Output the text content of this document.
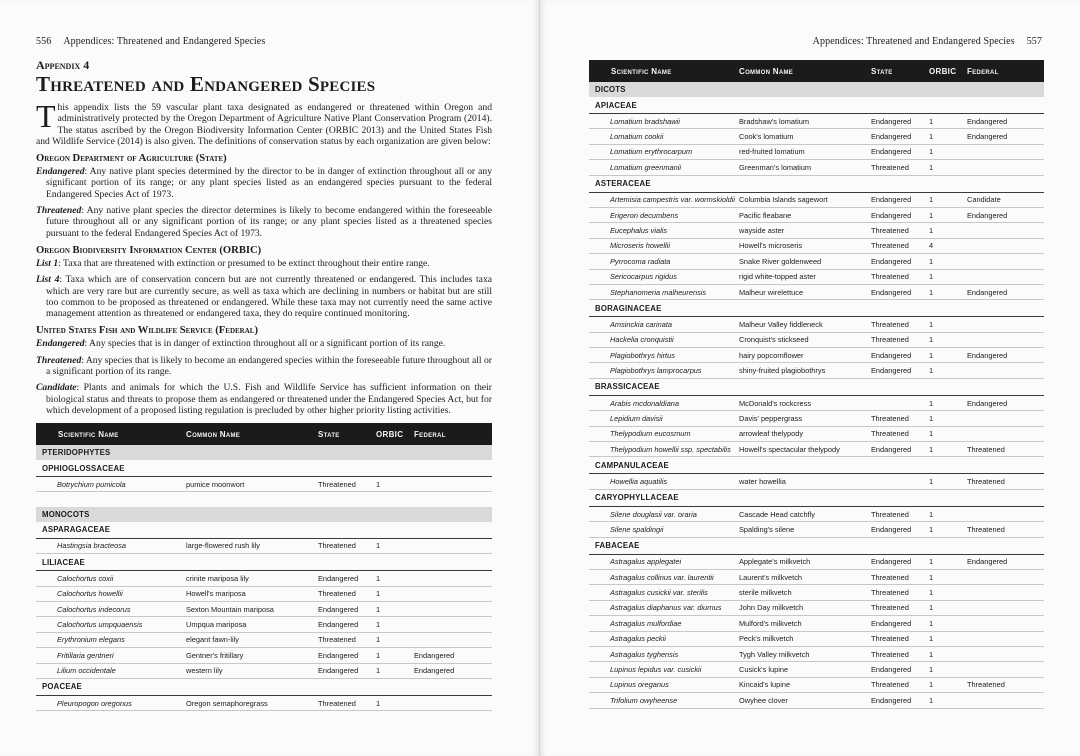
556 Appendices: Threatened and Endangered Species
Appendix 4
Threatened and Endangered Species

This appendix lists the 59 vascular plant taxa designated as endangered or threatened within Oregon and administratively protected by the Oregon Department of Agriculture Native Plant Conservation Program (2014). The status ascribed by the Oregon Biodiversity Information Center (ORBIC 2013) and the United States Fish and Wildlife Service (2014) is also given. The definitions of conservation status by each organization are given below:

Oregon Department of Agriculture (State)

Endangered: Any native plant species determined by the director to be in danger of extinction throughout all or any significant portion of its range; or any plant species listed as an endangered species pursuant to the federal Endangered Species Act of 1973.

Threatened: Any native plant species the director determines is likely to become endangered within the foreseeable future throughout all or any significant portion of its range; or any plant species listed as a threatened species pursuant to the federal Endangered Species Act of 1973.

Oregon Biodiversity Information Center (ORBIC)

List 1: Taxa that are threatened with extinction or presumed to be extinct throughout their entire range.

List 4: Taxa which are of conservation concern but are not currently threatened or endangered. This includes taxa which are very rare but are currently secure, as well as taxa which are declining in numbers or habitat but are still too common to be proposed as threatened or endangered. While these taxa may not currently need the same active management attention as threatened or endangered taxa, they do require continued monitoring.

United States Fish and Wildlife Service (Federal)

Endangered: Any species that is in danger of extinction throughout all or a significant portion of its range.

Threatened: Any species that is likely to become an endangered species within the foreseeable future throughout all or a significant portion of its range.

Candidate: Plants and animals for which the U.S. Fish and Wildlife Service has sufficient information on their biological status and threats to propose them as endangered or threatened under the Endangered Species Act, but for which development of a proposed listing regulation is precluded by other higher priority listing activities.

Scientific Name	Common Name	State	ORBIC	Federal
PTERIDOPHYTES				
OPHIOGLOSSACEAE				
Botrychium pumicola	pumice moonwort	Threatened	1	

MONOCOTS				
ASPARAGACEAE				
Hastingsia bracteosa	large-flowered rush lily	Threatened	1	
LILIACEAE				
Calochortus coxii	crinite mariposa lily	Endangered	1	
Calochortus howellii	Howell's mariposa	Threatened	1	
Calochortus indecorus	Sexton Mountain mariposa	Endangered	1	
Calochortus umpquaensis	Umpqua mariposa	Endangered	1	
Erythronium elegans	elegant fawn-lily	Threatened	1	
Fritillaria gentneri	Gentner's fritillary	Endangered	1	Endangered
Lilium occidentale	western lily	Endangered	1	Endangered
POACEAE				
Pleuropogon oregonus	Oregon semaphoregrass	Threatened	1	
Appendices: Threatened and Endangered Species 557
Scientific Name	Common Name	State	ORBIC	Federal
DICOTS				
APIACEAE				
Lomatium bradshawii	Bradshaw's lomatium	Endangered	1	Endangered
Lomatium cookii	Cook's lomatium	Endangered	1	Endangered
Lomatium erythrocarpum	red-fruited lomatium	Endangered	1	
Lomatium greenmanii	Greenman's lomatium	Threatened	1	
ASTERACEAE				
Artemisia campestris var. wormskioldii	Columbia Islands sagewort	Endangered	1	Candidate
Erigeron decumbens	Pacific fleabane	Endangered	1	Endangered
Eucephalus vialis	wayside aster	Threatened	1	
Microseris howellii	Howell's microseris	Threatened	4	
Pyrrocoma radiata	Snake River goldenweed	Endangered	1	
Sericocarpus rigidus	rigid white-topped aster	Threatened	1	
Stephanomeria malheurensis	Malheur wirelettuce	Endangered	1	Endangered
BORAGINACEAE				
Amsinckia carinata	Malheur Valley fiddleneck	Threatened	1	
Hackelia cronquistii	Cronquist's stickseed	Threatened	1	
Plagiobothrys hirtus	hairy popcornflower	Endangered	1	Endangered
Plagiobothrys lamprocarpus	shiny-fruited plagiobothrys	Endangered	1	
BRASSICACEAE				
Arabis mcdonaldiana	McDonald's rockcress		1	Endangered
Lepidium davisii	Davis' peppergrass	Threatened	1	
Thelypodium eucosmum	arrowleaf thelypody	Threatened	1	
Thelypodium howellii ssp. spectabilis	Howell's spectacular thelypody	Endangered	1	Threatened
CAMPANULACEAE				
Howellia aquatilis	water howellia		1	Threatened
CARYOPHYLLACEAE				
Silene douglasii var. oraria	Cascade Head catchfly	Threatened	1	
Silene spaldingii	Spalding's silene	Endangered	1	Threatened
FABACEAE				
Astragalus applegatei	Applegate's milkvetch	Endangered	1	Endangered
Astragalus collinus var. laurentii	Laurent's milkvetch	Threatened	1	
Astragalus cusickii var. sterilis	sterile milkvetch	Threatened	1	
Astragalus diaphanus var. diurnus	John Day milkvetch	Threatened	1	
Astragalus mulfordiae	Mulford's milkvetch	Endangered	1	
Astragalus peckii	Peck's milkvetch	Threatened	1	
Astragalus tyghensis	Tygh Valley milkvetch	Threatened	1	
Lupinus lepidus var. cusickii	Cusick's lupine	Endangered	1	
Lupinus oreganus	Kincaid's lupine	Threatened	1	Threatened
Trifolium owyheense	Owyhee clover	Endangered	1	
